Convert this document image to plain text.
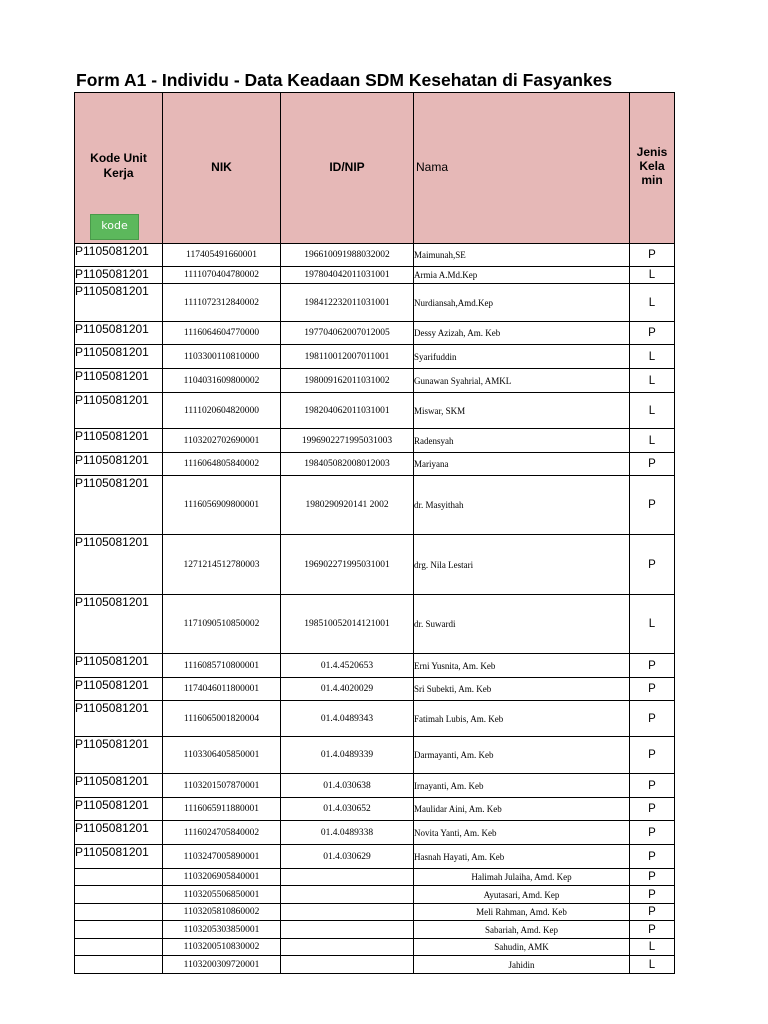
Form A1 - Individu - Data Keadaan SDM Kesehatan di Fasyankes
Kode Unit Kerja
kode	NIK	ID/NIP	Nama	Jenis Kela min

P1105081201	117405491660001	196610091988032002	Maimunah,SE	P
P1105081201	1111070404780002	197804042011031001	Armia A.Md.Kep	L
P1105081201	1111072312840002	198412232011031001	Nurdiansah,Amd.Kep	L
P1105081201	1116064604770000	197704062007012005	Dessy Azizah, Am. Keb	P
P1105081201	1103300110810000	198110012007011001	Syarifuddin	L
P1105081201	1104031609800002	198009162011031002	Gunawan Syahrial, AMKL	L
P1105081201	1111020604820000	198204062011031001	Miswar, SKM	L
P1105081201	1103202702690001	1996902271995031003	Radensyah	L
P1105081201	1116064805840002	198405082008012003	Mariyana	P
P1105081201	1116056909800001	1980290920141 2002	dr. Masyithah	P
P1105081201	1271214512780003	196902271995031001	drg. Nila Lestari	P
P1105081201	1171090510850002	198510052014121001	dr. Suwardi	L
P1105081201	1116085710800001	01.4.4520653	Erni Yusnita, Am. Keb	P
P1105081201	1174046011800001	01.4.4020029	Sri Subekti, Am. Keb	P
P1105081201	1116065001820004	01.4.0489343	Fatimah Lubis, Am. Keb	P
P1105081201	1103306405850001	01.4.0489339	Darmayanti, Am. Keb	P
P1105081201	1103201507870001	01.4.030638	Irnayanti, Am. Keb	P
P1105081201	1116065911880001	01.4.030652	Maulidar Aini, Am. Keb	P
P1105081201	1116024705840002	01.4.0489338	Novita Yanti, Am. Keb	P
P1105081201	1103247005890001	01.4.030629	Hasnah Hayati, Am. Keb	P
	1103206905840001		Halimah Julaiha, Amd. Kep	P
	1103205506850001		Ayutasari, Amd. Kep	P
	1103205810860002		Meli Rahman, Amd. Keb	P
	1103205303850001		Sabariah, Amd. Kep	P
	1103200510830002		Sahudin, AMK	L
	1103200309720001		Jahidin	L
